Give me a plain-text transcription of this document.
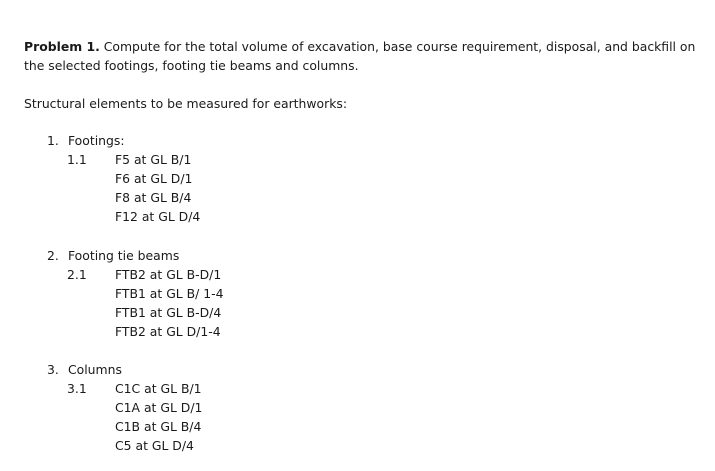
Problem 1. Compute for the total volume of excavation, base course requirement, disposal, and backfill on the selected footings, footing tie beams and columns.

Structural elements to be measured for earthworks:

1. Footings:
1.1 F5 at GL B/1
F6 at GL D/1
F8 at GL B/4
F12 at GL D/4
2. Footing tie beams
2.1 FTB2 at GL B-D/1
FTB1 at GL B/ 1-4
FTB1 at GL B-D/4
FTB2 at GL D/1-4
3. Columns
3.1 C1C at GL B/1
C1A at GL D/1
C1B at GL B/4
C5 at GL D/4
